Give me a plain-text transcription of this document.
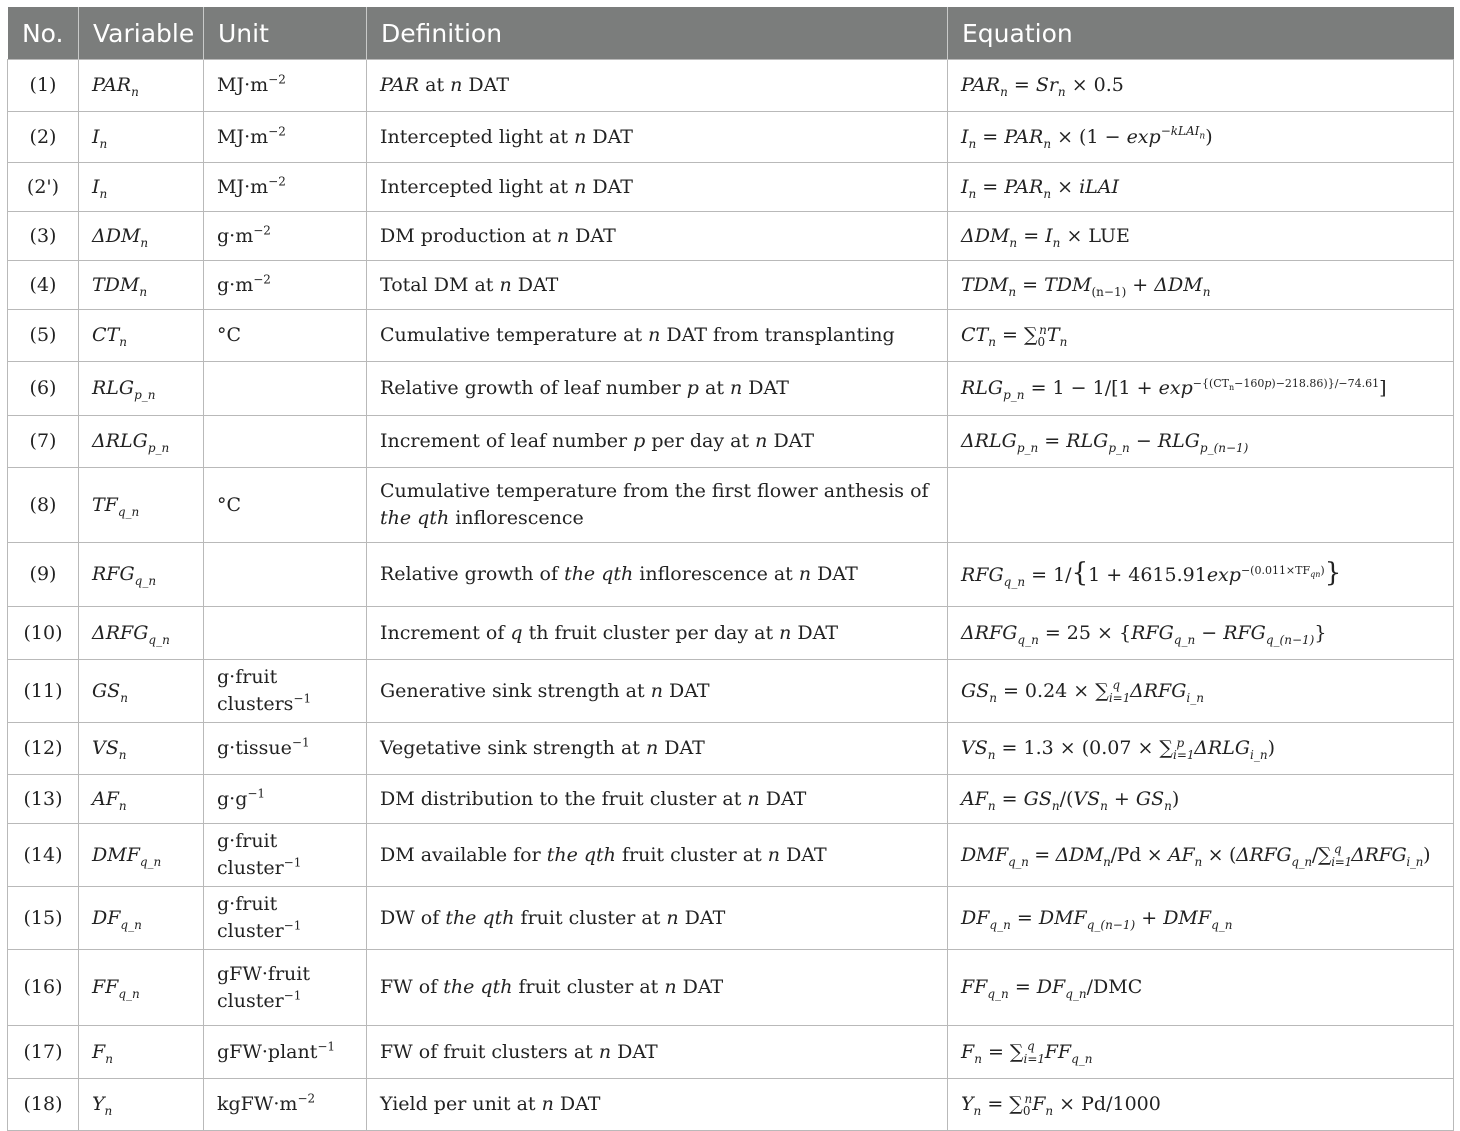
No.	Variable	Unit	Definition	Equation
(1)	$PAR_n$	$MJ\cdot m^{-2}$	PAR at n DAT	$PAR_n = Sr_n \times 0.5$
(2)	$I_n$	$MJ\cdot m^{-2}$	Intercepted light at n DAT	$I_n = PAR_n \times (1 - \exp^{-kLAI_n})$
(2')	$I_n$	$MJ\cdot m^{-2}$	Intercepted light at n DAT	$I_n = PAR_n$ × iLAI
(3)	$\Delta DM_n$	$g\cdot m^{-2}$	DM production at n DAT	$\Delta DM_n = I_n$ × LUE
(4)	$TDM_n$	$g\cdot m^{-2}$	Total DM at n DAT	$TDM_n = TDM_{(n-1)} + \Delta DM_n$
(5)	$CT_n$	°C	Cumulative temperature at n DAT from transplanting	$CT_n = \sum_0^nT_n$
(6)	$RLG_{p\_n}$		Relative growth of leaf number p at n DAT	$RLG_{p\_n} = 1 - 1/[1 + \exp^{-\{(CT_n-160p)-218.86)\}/-74.61}]$
(7)	$\Delta RLG_{p\_n}$		Increment of leaf number p per day at n DAT	$\Delta RLG_{p\_n} = RLG_{p\_n} - RLG_{p\_(n-1)}$
(8)	$TF_{q\_n}$	°C	Cumulative temperature from the first flower anthesis of the qth inflorescence	
(9)	$RFG_{q\_n}$		Relative growth of the qth inflorescence at n DAT	$RFG_{q\_n} = 1/\{1 + 4615.91\exp^{-(0.011\times TF_{qn})}\}$
(10)	$\Delta RFG_{q\_n}$		Increment of q th fruit cluster per day at n DAT	$\Delta RFG_{q\_n} = 25 \times \{RFG_{q\_n} - RFG_{q\_(n-1)}\}$
(11)	$GS_n$	g·fruit clusters$^{-1}$	Generative sink strength at n DAT	$GS_n = 0.24 \times \sum_{i=1}^q$ $\Delta RFG_{i\_n}$
(12)	$VS_n$	g·tissue$^{-1}$	Vegetative sink strength at n DAT	$VS_n = 1.3 \times (0.07 \times \sum_{i=1}^p$ $\Delta RLG_{i\_n}$)
(13)	$AF_n$	$g\cdot g^{-1}$	DM distribution to the fruit cluster at n DAT	$AF_n = GS_n/(VS_n + GS_n)$
(14)	$DMF_{q\_n}$	g·fruit cluster$^{-1}$	DM available for the qth fruit cluster at n DAT	$DMF_{q\_n} = \Delta DM_n/Pd \times AF_n \times (\Delta RFG_{q\_n}/\sum_{i=1}^q$ $\Delta RFG_{i\_n}$)
(15)	$DF_{q\_n}$	g·fruit cluster$^{-1}$	DW of the qth fruit cluster at n DAT	$DF_{q\_n} = DMF_{q\_(n-1)} + DMF_{q\_n}$
(16)	$FF_{q\_n}$	gFW·fruit cluster$^{-1}$	FW of the qth fruit cluster at n DAT	$FF_{q\_n} = DF_{q\_n}/DMC$
(17)	$F_n$	gFW·plant$^{-1}$	FW of fruit clusters at n DAT	$F_n = \sum_{i=1}^q$ $FF_{q\_n}$
(18)	$Y_n$	$kgFW\cdot m^{-2}$	Yield per unit at n DAT	$Y_n = \sum_0^nF_n \times Pd/1000$
